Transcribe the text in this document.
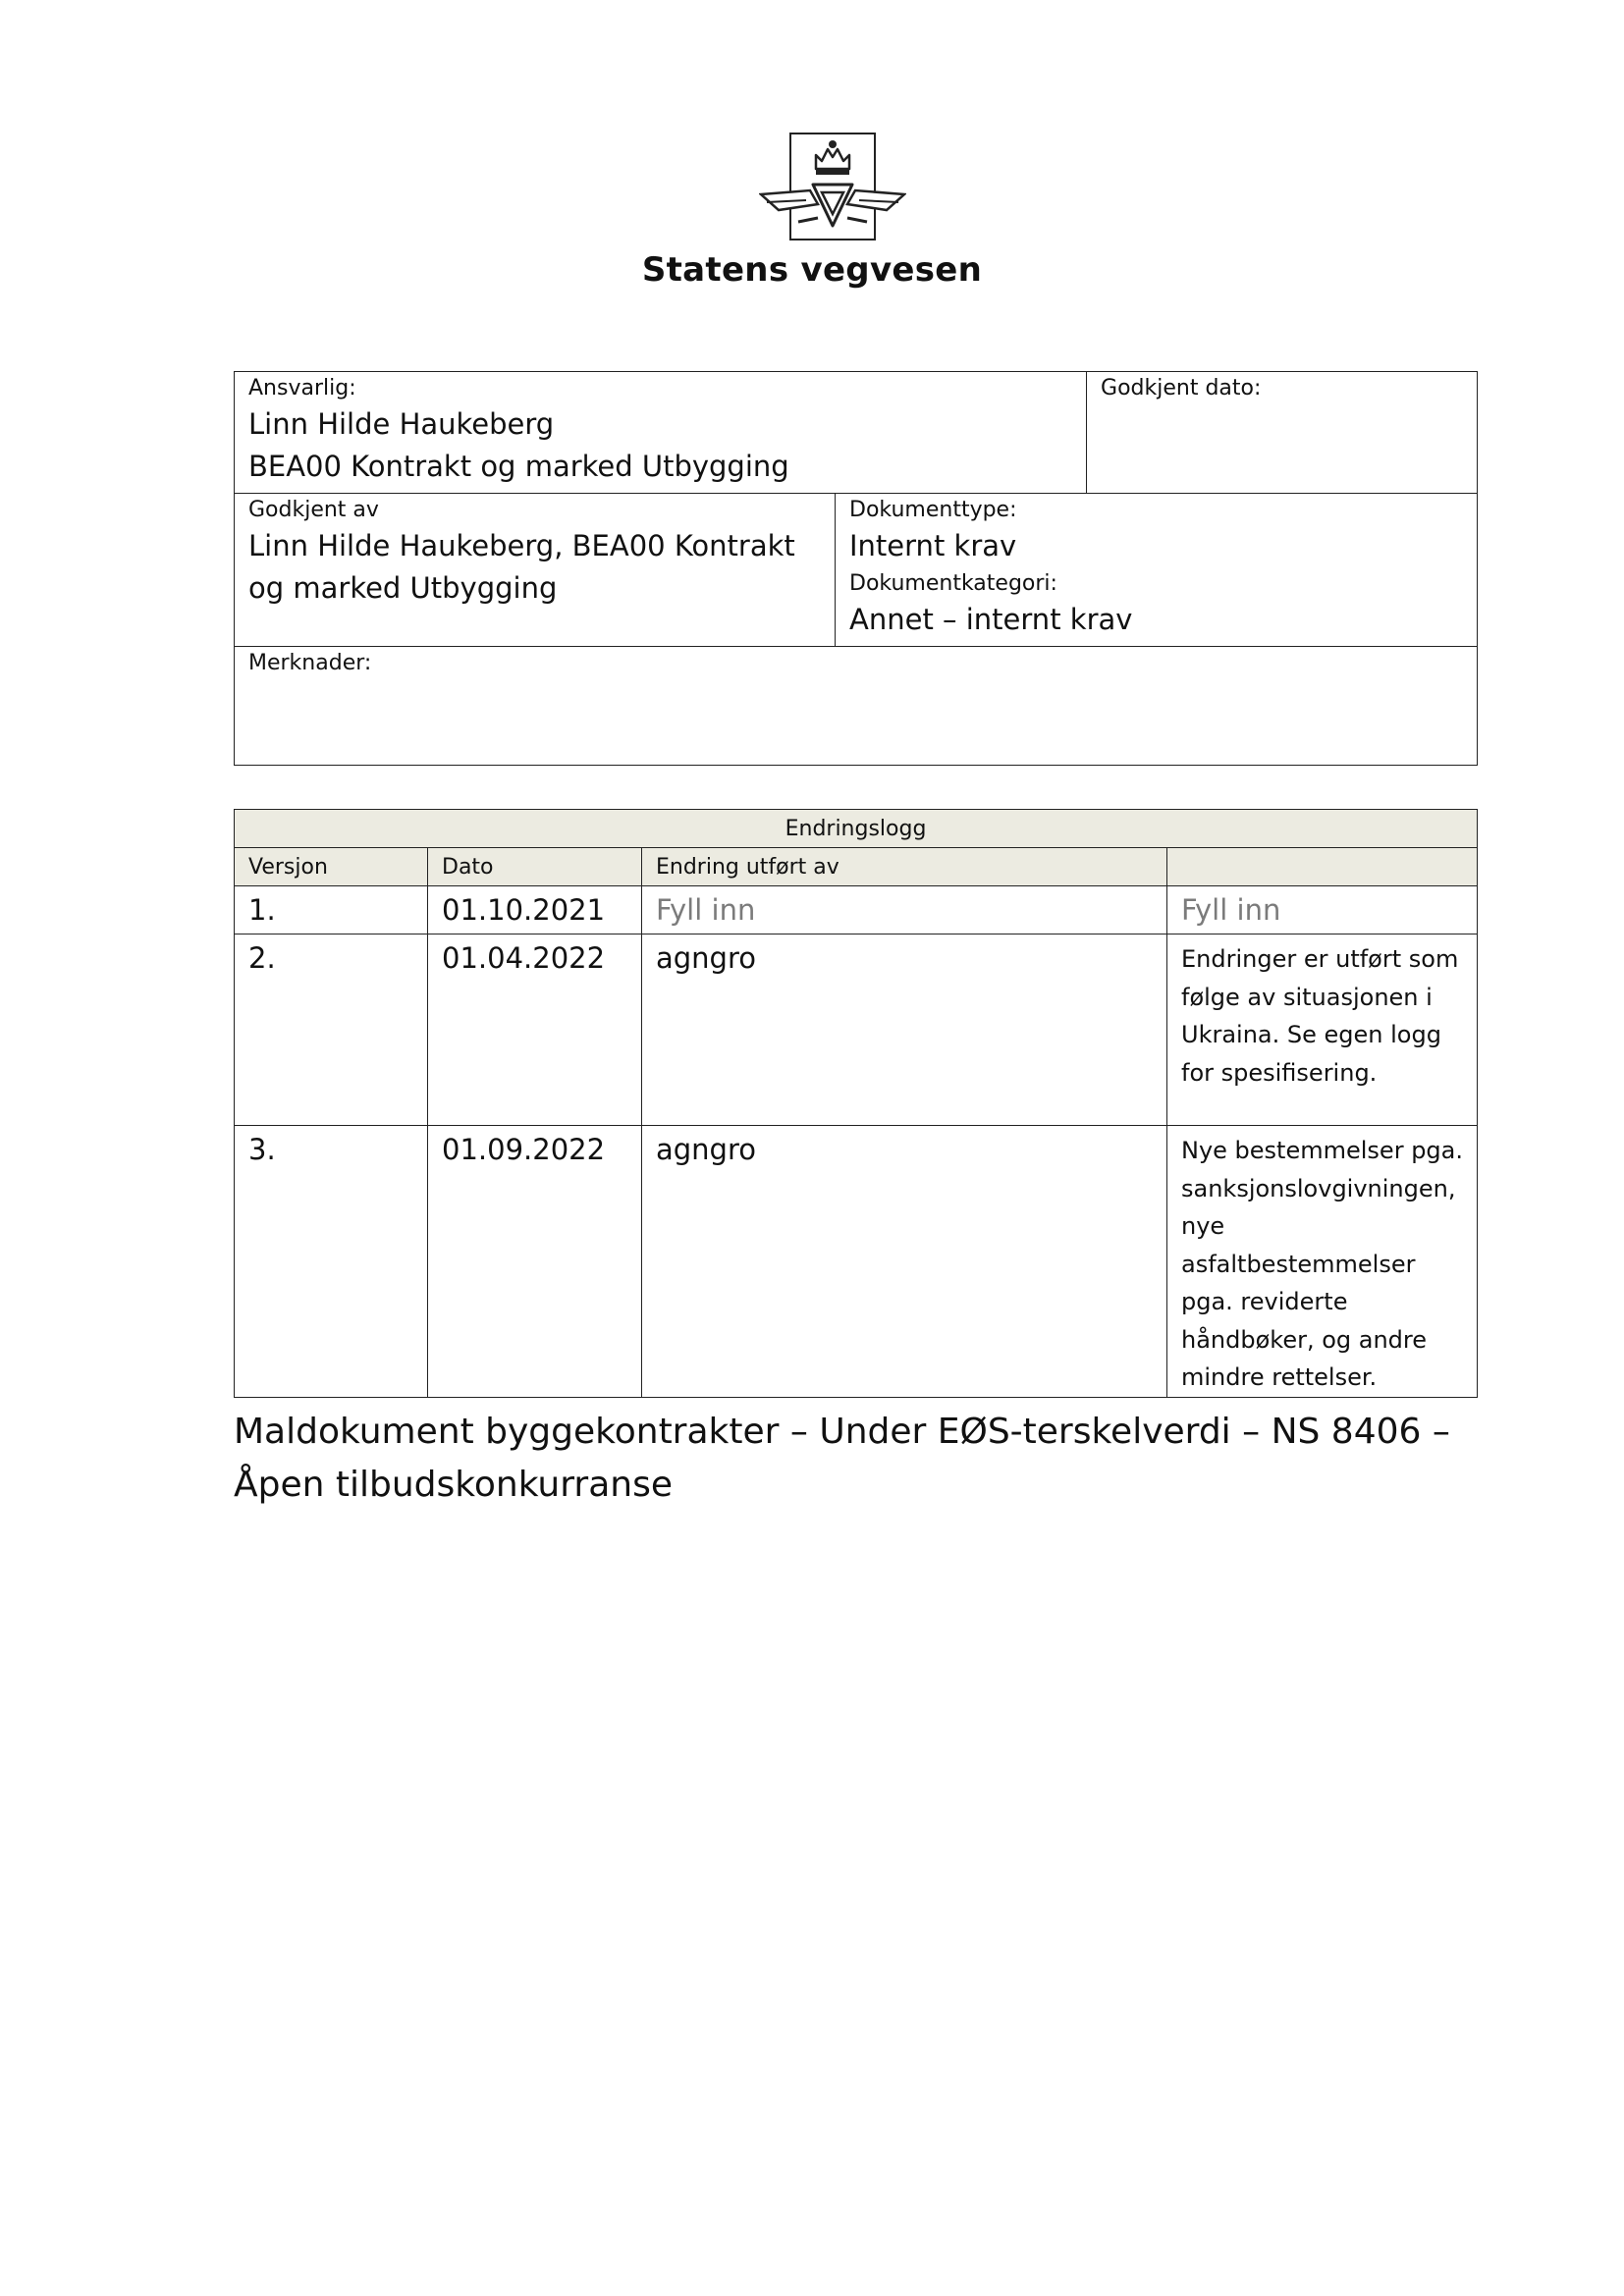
Statens vegvesen
Ansvarlig:
Linn Hilde Haukeberg
BEA00 Kontrakt og marked Utbygging		Godkjent dato:

Godkjent av
Linn Hilde Haukeberg, BEA00 Kontrakt og marked Utbygging	Dokumenttype:
Internt krav
Dokumentkategori:
Annet – internt krav	

Merknader:		
Endringslogg			
Versjon	Dato	Endring utført av	

1.	01.10.2021	Fyll inn	Fyll inn

2.	01.04.2022	agngro	Endringer er utført som følge av situasjonen i Ukraina. Se egen logg for spesifisering.

3.	01.09.2022	agngro	Nye bestemmelser pga. sanksjonslovgivningen, nye asfaltbestemmelser pga. reviderte håndbøker, og andre mindre rettelser.
Maldokument byggekontrakter – Under EØS-terskelverdi – NS 8406 – Åpen tilbudskonkurranse
